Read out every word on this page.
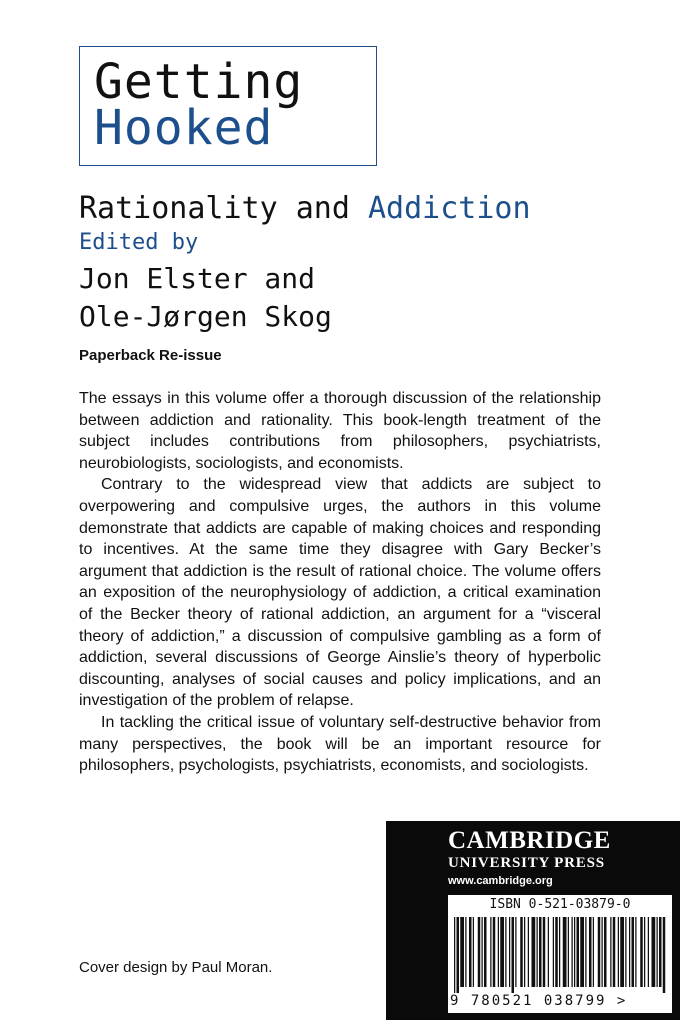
Getting
Hooked
Rationality and Addiction
Edited by
Jon Elster and
Ole-Jørgen Skog
Paperback Re-issue

The essays in this volume offer a thorough discussion of the relationship between addiction and rationality. This book-length treatment of the subject includes contributions from philosophers, psychiatrists, neurobiologists, sociologists, and economists.

Contrary to the widespread view that addicts are subject to overpowering and compulsive urges, the authors in this volume demonstrate that addicts are capable of making choices and responding to incentives. At the same time they disagree with Gary Becker’s argument that addiction is the result of rational choice. The volume offers an exposition of the neurophysiology of addiction, a critical examination of the Becker theory of rational addiction, an argument for a “visceral theory of addiction,” a discussion of compulsive gambling as a form of addiction, several discussions of George Ainslie’s theory of hyperbolic discounting, analyses of social causes and policy implications, and an investigation of the problem of relapse.

In tackling the critical issue of voluntary self-destructive behavior from many perspectives, the book will be an important resource for philosophers, psychologists, psychiatrists, economists, and sociologists.

Cover design by Paul Moran.
CAMBRIDGE
UNIVERSITY PRESS
www.cambridge.org
ISBN 0-521-03879-0
9 780521 038799 >
